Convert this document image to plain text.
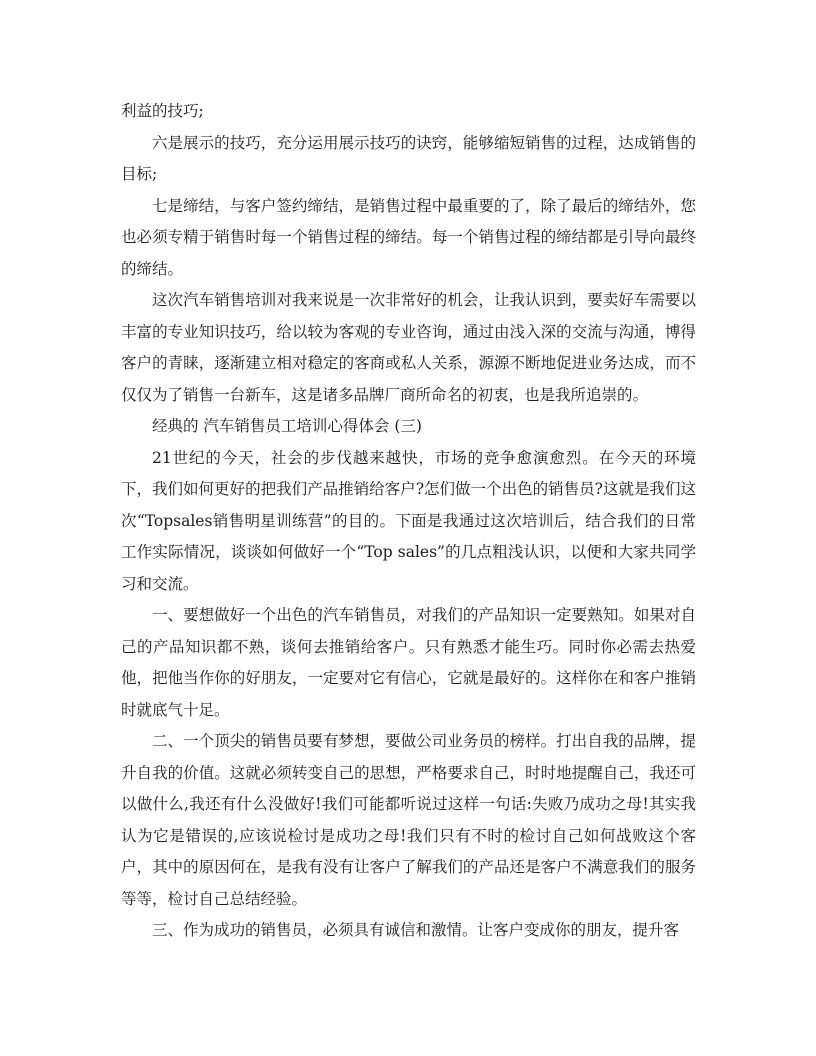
利益的技巧;

六是展示的技巧，充分运用展示技巧的诀窍，能够缩短销售的过程，达成销售的目标;

七是缔结，与客户签约缔结，是销售过程中最重要的了，除了最后的缔结外，您也必须专精于销售时每一个销售过程的缔结。每一个销售过程的缔结都是引导向最终的缔结。

这次汽车销售培训对我来说是一次非常好的机会，让我认识到，要卖好车需要以丰富的专业知识技巧，给以较为客观的专业咨询，通过由浅入深的交流与沟通，博得客户的青睐，逐渐建立相对稳定的客商或私人关系，源源不断地促进业务达成，而不仅仅为了销售一台新车，这是诸多品牌厂商所命名的初衷，也是我所追崇的。

经典的 汽车销售员工培训心得体会 (三)

21世纪的今天，社会的步伐越来越快，市场的竞争愈演愈烈。在今天的环境下，我们如何更好的把我们产品推销给客户?怎们做一个出色的销售员?这就是我们这次“Topsales销售明星训练营”的目的。下面是我通过这次培训后，结合我们的日常工作实际情况，谈谈如何做好一个“Top sales”的几点粗浅认识，以便和大家共同学习和交流。

一、要想做好一个出色的汽车销售员，对我们的产品知识一定要熟知。如果对自己的产品知识都不熟，谈何去推销给客户。只有熟悉才能生巧。同时你必需去热爱他，把他当作你的好朋友，一定要对它有信心，它就是最好的。这样你在和客户推销时就底气十足。

二、一个顶尖的销售员要有梦想，要做公司业务员的榜样。打出自我的品牌，提升自我的价值。这就必须转变自己的思想，严格要求自己，时时地提醒自己，我还可以做什么,我还有什么没做好!我们可能都听说过这样一句话:失败乃成功之母!其实我认为它是错误的,应该说检讨是成功之母!我们只有不时的检讨自己如何战败这个客户，其中的原因何在，是我有没有让客户了解我们的产品还是客户不满意我们的服务等等，检讨自己总结经验。

三、作为成功的销售员，必须具有诚信和激情。让客户变成你的朋友，提升客
